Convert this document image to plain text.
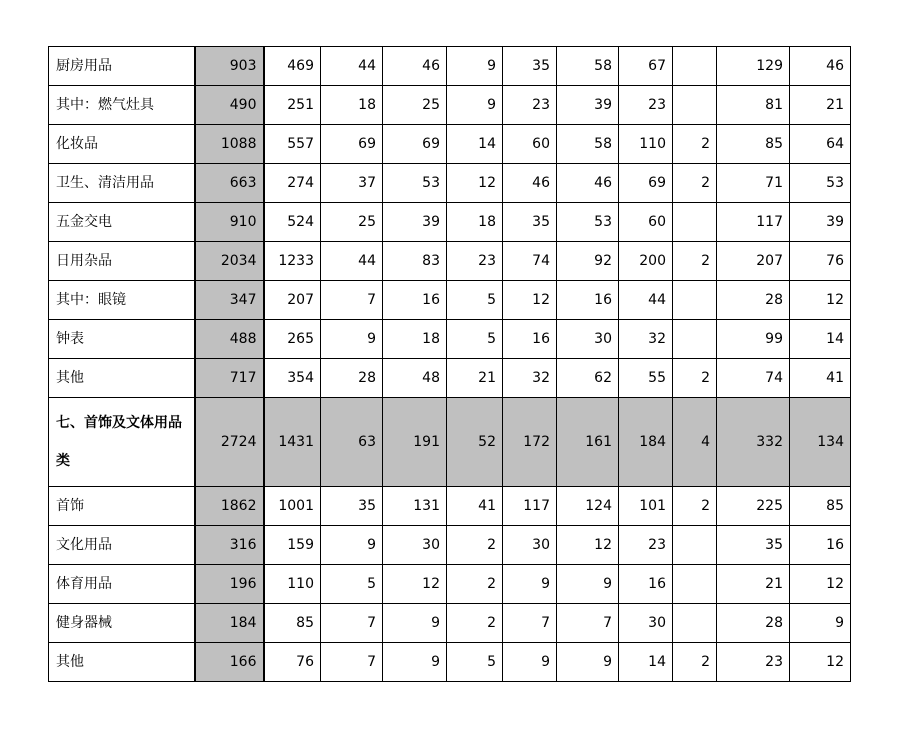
厨房用品	903	469	44	46	9	35	58	67		129	46
其中：燃气灶具	490	251	18	25	9	23	39	23		81	21
化妆品	1088	557	69	69	14	60	58	110	2	85	64
卫生、清洁用品	663	274	37	53	12	46	46	69	2	71	53
五金交电	910	524	25	39	18	35	53	60		117	39
日用杂品	2034	1233	44	83	23	74	92	200	2	207	76
其中：眼镜	347	207	7	16	5	12	16	44		28	12
钟表	488	265	9	18	5	16	30	32		99	14
其他	717	354	28	48	21	32	62	55	2	74	41
七、首饰及文体用品类	2724	1431	63	191	52	172	161	184	4	332	134
首饰	1862	1001	35	131	41	117	124	101	2	225	85
文化用品	316	159	9	30	2	30	12	23		35	16
体育用品	196	110	5	12	2	9	9	16		21	12
健身器械	184	85	7	9	2	7	7	30		28	9
其他	166	76	7	9	5	9	9	14	2	23	12
